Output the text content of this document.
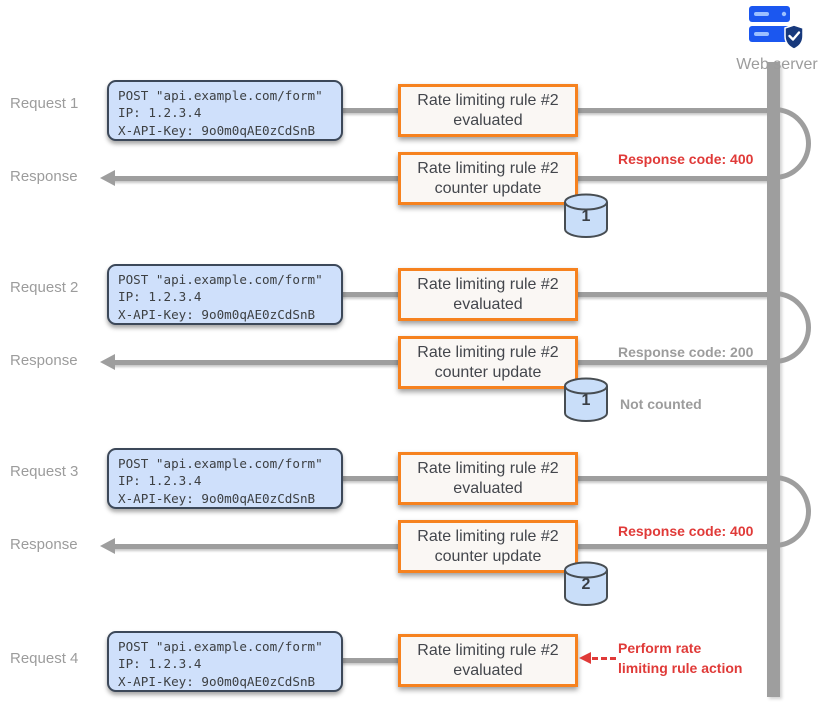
Web server
Request 1	POST "api.example.com/form"
IP: 1.2.3.4
X-API-Key: 9o0m0qAE0zCdSnB
Rate limiting rule #2
evaluated
Response	Rate limiting rule #2
counter update
Response code: 400
1
Request 2	POST "api.example.com/form"
IP: 1.2.3.4
X-API-Key: 9o0m0qAE0zCdSnB
Rate limiting rule #2
evaluated
Response	Rate limiting rule #2
counter update
Response code: 200
1	Not counted
Request 3	POST "api.example.com/form"
IP: 1.2.3.4
X-API-Key: 9o0m0qAE0zCdSnB
Rate limiting rule #2
evaluated
Response	Rate limiting rule #2
counter update
Response code: 400
2
Request 4
POST "api.example.com/form"
IP: 1.2.3.4
X-API-Key: 9o0m0qAE0zCdSnB
Rate limiting rule #2
evaluated
Perform rate
limiting rule action
